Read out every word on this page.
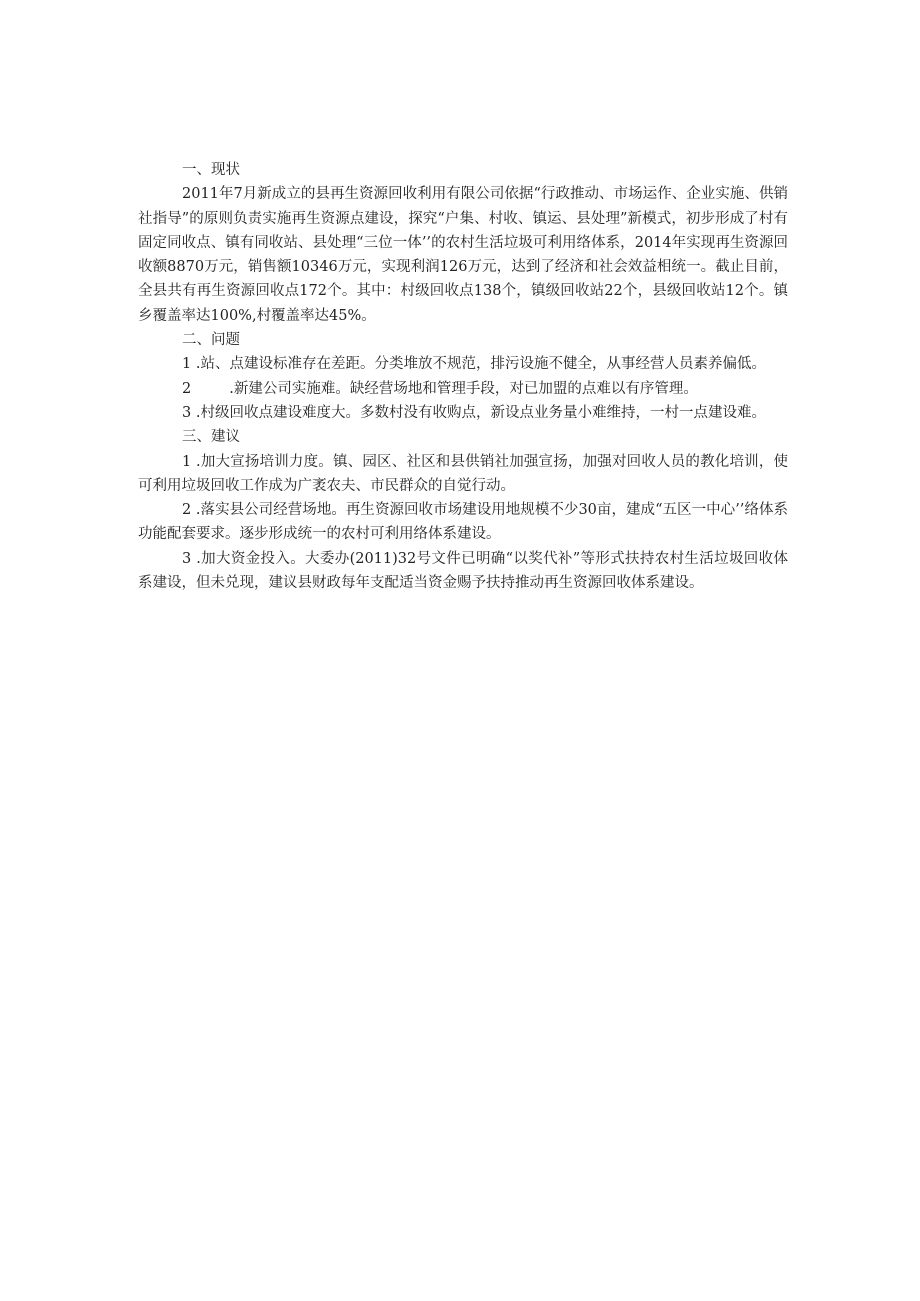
一、现状

2011年7月新成立的县再生资源回收利用有限公司依据“行政推动、市场运作、企业实施、供销社指导”的原则负责实施再生资源点建设，探究“户集、村收、镇运、县处理”新模式，初步形成了村有固定同收点、镇有同收站、县处理“三位一体’’的农村生活垃圾可利用络体系，2014年实现再生资源回收额8870万元，销售额10346万元，实现利润126万元，达到了经济和社会效益相统一。截止目前，全县共有再生资源回收点172个。其中：村级回收点138个，镇级回收站22个，县级回收站12个。镇乡覆盖率达100%,村覆盖率达45%。

二、问题

1 .站、点建设标准存在差距。分类堆放不规范，排污设施不健全，从事经营人员素养偏低。

2	.新建公司实施难。缺经营场地和管理手段，对已加盟的点难以有序管理。

3 .村级回收点建设难度大。多数村没有收购点，新设点业务量小难维持，一村一点建设难。

三、建议

1 .加大宣扬培训力度。镇、园区、社区和县供销社加强宣扬，加强对回收人员的教化培训，使可利用垃圾回收工作成为广袤农夫、市民群众的自觉行动。

2 .落实县公司经营场地。再生资源回收市场建设用地规模不少30亩，建成“五区一中心’’络体系功能配套要求。逐步形成统一的农村可利用络体系建设。

3 .加大资金投入。大委办(2011)32号文件已明确“以奖代补”等形式扶持农村生活垃圾回收体系建设，但未兑现，建议县财政每年支配适当资金赐予扶持推动再生资源回收体系建设。
